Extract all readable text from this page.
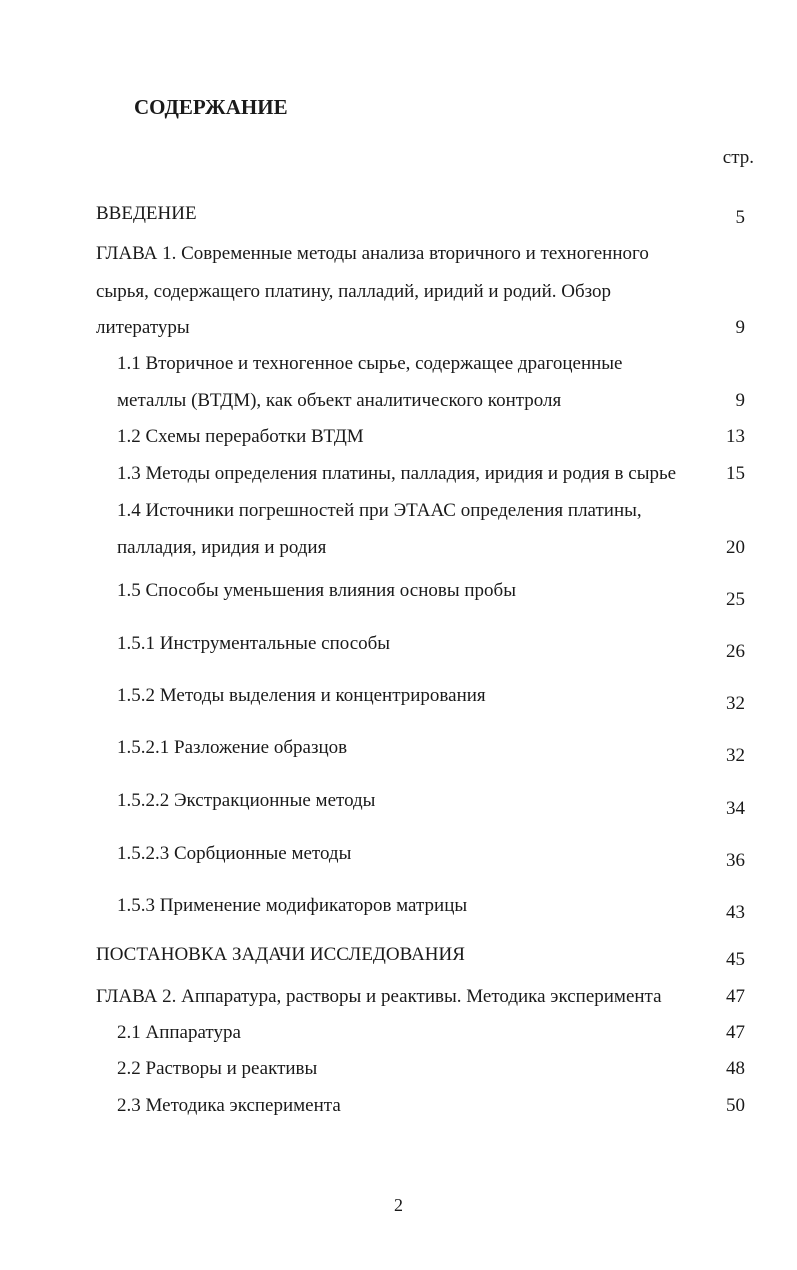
СОДЕРЖАНИЕ
стр.
ВВЕДЕНИЕ	5
ГЛАВА 1. Современные методы анализа вторичного и техногенного
сырья, содержащего платину, палладий, иридий и родий. Обзор
литературы	9
1.1 Вторичное и техногенное сырье, содержащее драгоценные
металлы (ВТДМ), как объект аналитического контроля	9
1.2 Схемы переработки ВТДМ	13
1.3 Методы определения платины, палладия, иридия и родия в сырье	15
1.4 Источники погрешностей при ЭТААС определения платины,
палладия, иридия и родия	20
1.5 Способы уменьшения влияния основы пробы	25
1.5.1 Инструментальные способы	26
1.5.2 Методы выделения и концентрирования	32
1.5.2.1 Разложение образцов	32
1.5.2.2 Экстракционные методы	34
1.5.2.3 Сорбционные методы	36
1.5.3 Применение модификаторов матрицы	43
ПОСТАНОВКА ЗАДАЧИ ИССЛЕДОВАНИЯ	45
ГЛАВА 2. Аппаратура, растворы и реактивы. Методика эксперимента	47
2.1 Аппаратура	47
2.2 Растворы и реактивы	48
2.3 Методика эксперимента	50
2
